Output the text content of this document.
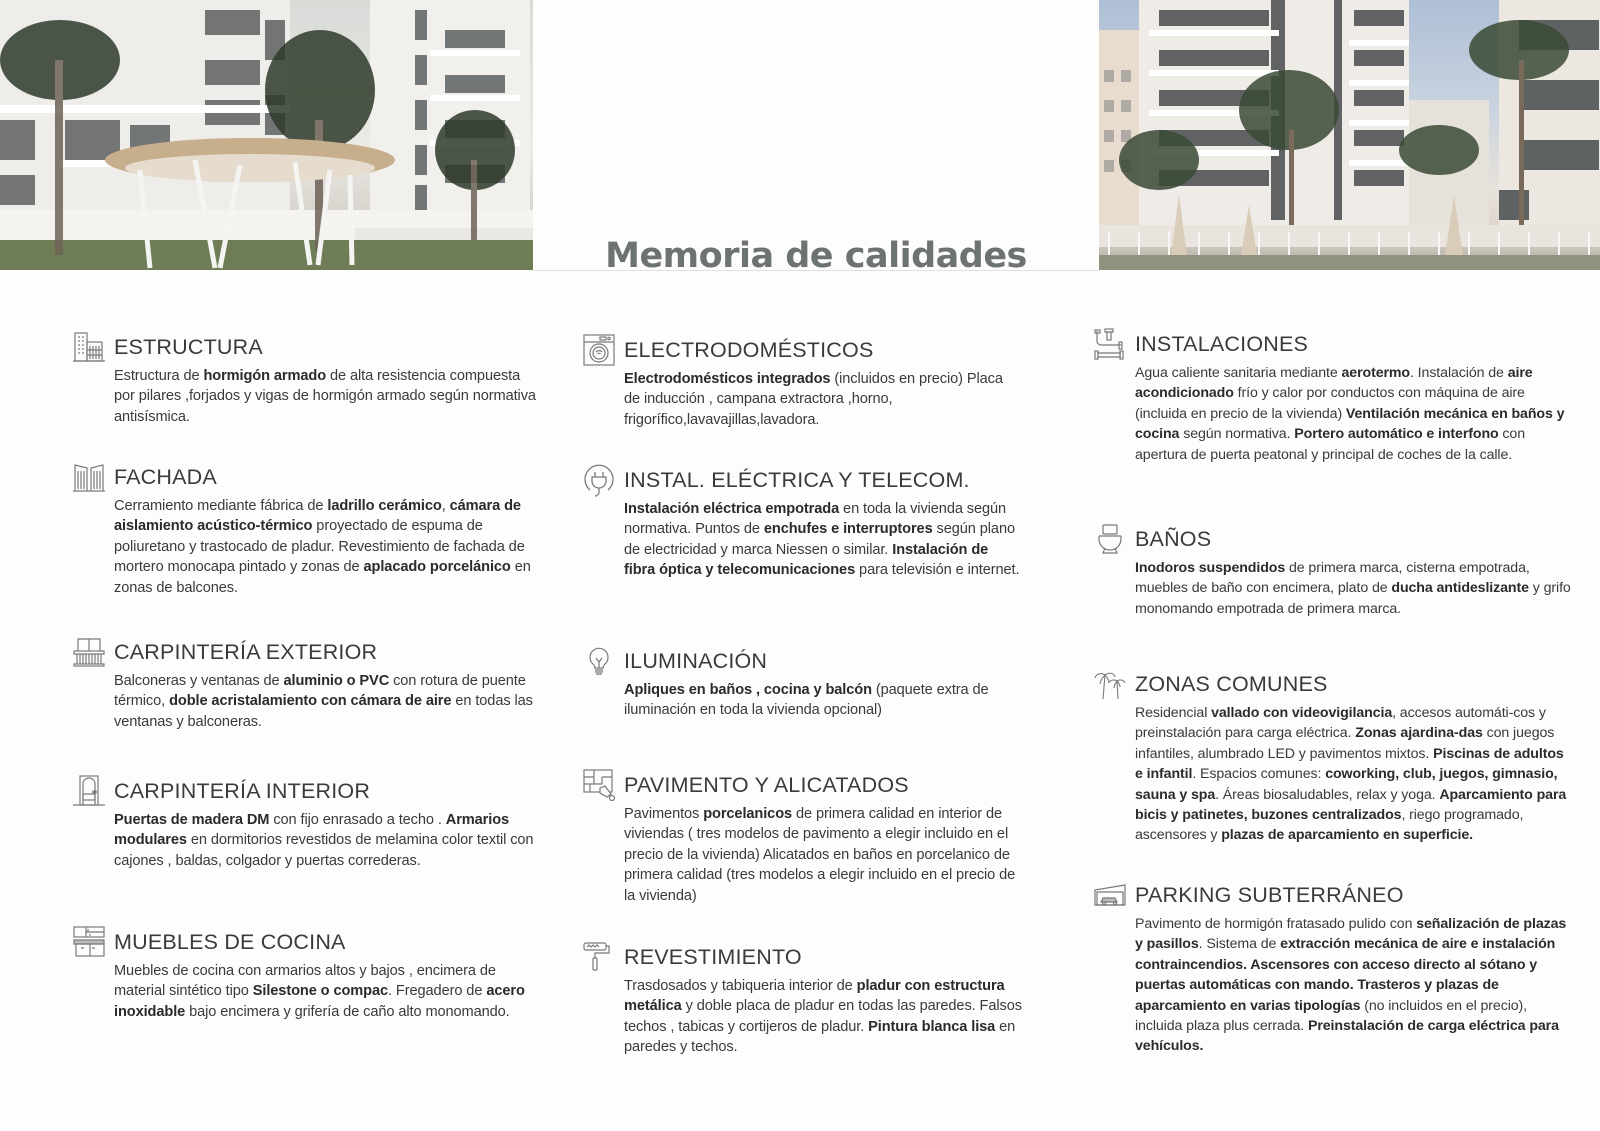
Memoria de calidades
ESTRUCTURA
Estructura de hormigón armado de alta resistencia compuesta por pilares ,forjados y vigas de hormigón armado según normativa antisísmica.
FACHADA
Cerramiento mediante fábrica de ladrillo cerámico, cámara de aislamiento acústico-térmico proyectado de espuma de poliuretano y trastocado de pladur. Revestimiento de fachada de mortero monocapa pintado y zonas de aplacado porcelánico en zonas de balcones.
CARPINTERÍA EXTERIOR
Balconeras y ventanas de aluminio o PVC con rotura de puente térmico, doble acristalamiento con cámara de aire en todas las ventanas y balconeras.
CARPINTERÍA INTERIOR
Puertas de madera DM con fijo enrasado a techo . Armarios modulares en dormitorios revestidos de melamina color textil con cajones , baldas, colgador y puertas correderas.
MUEBLES DE COCINA
Muebles de cocina con armarios altos y bajos , encimera de material sintético tipo Silestone o compac. Fregadero de acero inoxidable bajo encimera y grifería de caño alto monomando.
ELECTRODOMÉSTICOS
Electrodomésticos integrados (incluidos en precio) Placa de inducción , campana extractora ,horno, frigorífico,lavavajillas,lavadora.
INSTAL. ELÉCTRICA Y TELECOM.
Instalación eléctrica empotrada en toda la vivienda según normativa. Puntos de enchufes e interruptores según plano de electricidad y marca Niessen o similar. Instalación de fibra óptica y telecomunicaciones para televisión e internet.
ILUMINACIÓN
Apliques en baños , cocina y balcón (paquete extra de iluminación en toda la vivienda opcional)
PAVIMENTO Y ALICATADOS
Pavimentos porcelanicos de primera calidad en interior de viviendas ( tres modelos de pavimento a elegir incluido en el precio de la vivienda) Alicatados en baños en porcelanico de primera calidad (tres modelos a elegir incluido en el precio de la vivienda)
REVESTIMIENTO
Trasdosados y tabiqueria interior de pladur con estructura metálica y doble placa de pladur en todas las paredes. Falsos techos , tabicas y cortijeros de pladur. Pintura blanca lisa en paredes y techos.
INSTALACIONES
Agua caliente sanitaria mediante aerotermo. Instalación de aire acondicionado frío y calor por conductos con máquina de aire (incluida en precio de la vivienda) Ventilación mecánica en baños y cocina según normativa. Portero automático e interfono con apertura de puerta peatonal y principal de coches de la calle.
BAÑOS
Inodoros suspendidos de primera marca, cisterna empotrada, muebles de baño con encimera, plato de ducha antideslizante y grifo monomando empotrada de primera marca.
ZONAS COMUNES
Residencial vallado con videovigilancia, accesos automáti-cos y preinstalación para carga eléctrica. Zonas ajardina-das con juegos infantiles, alumbrado LED y pavimentos mixtos. Piscinas de adultos e infantil. Espacios comunes: coworking, club, juegos, gimnasio, sauna y spa. Áreas biosaludables, relax y yoga. Aparcamiento para bicis y patinetes, buzones centralizados, riego programado, ascensores y plazas de aparcamiento en superficie.
PARKING SUBTERRÁNEO
Pavimento de hormigón fratasado pulido con señalización de plazas y pasillos. Sistema de extracción mecánica de aire e instalación contraincendios. Ascensores con acceso directo al sótano y puertas automáticas con mando. Trasteros y plazas de aparcamiento en varias tipologías (no incluidos en el precio), incluida plaza plus cerrada. Preinstalación de carga eléctrica para vehículos.
